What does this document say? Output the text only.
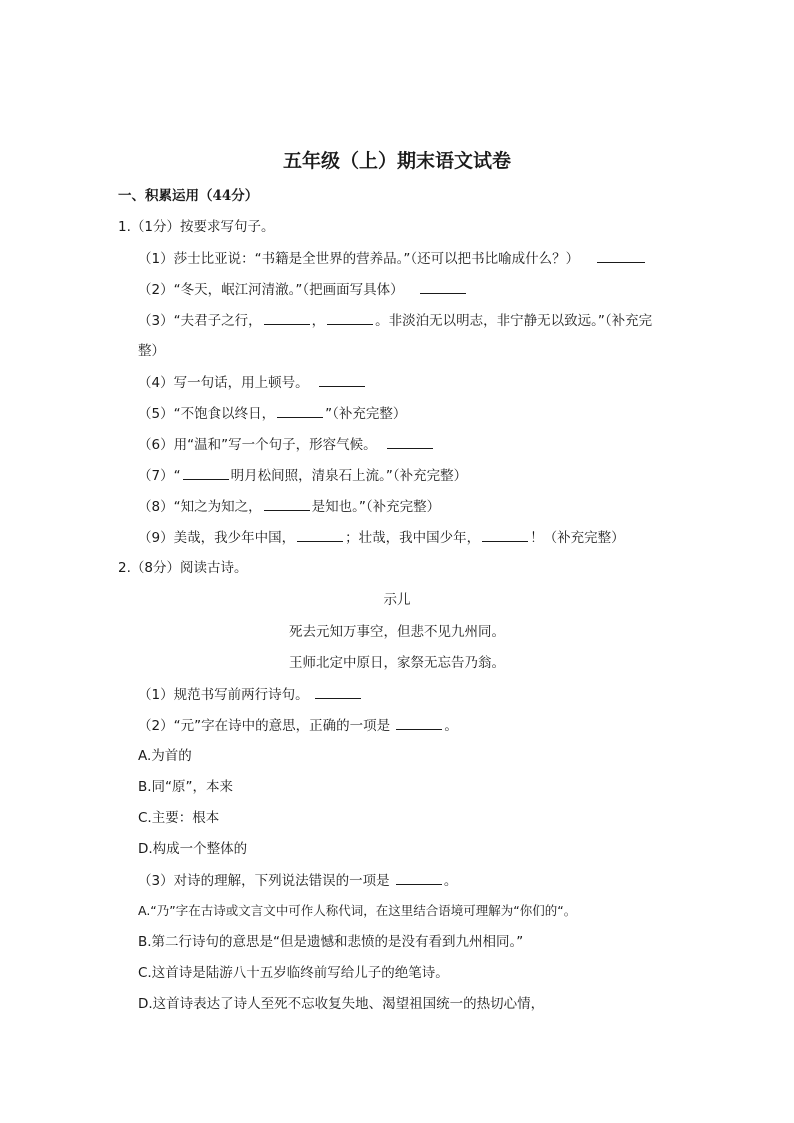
五年级（上）期末语文试卷
一、积累运用（44分）
1.（1分）按要求写句子。
（1）莎士比亚说：“书籍是全世界的营养品。”（还可以把书比喻成什么？）
（2）“冬天，岷江河清澈。”（把画面写具体）
（3）“夫君子之行，	，	。非淡泊无以明志，非宁静无以致远。”（补充完
整）
（4）写一句话，用上顿号。
（5）“不饱食以终日，	”（补充完整）
（6）用“温和”写一个句子，形容气候。
（7）“	明月松间照，清泉石上流。”（补充完整）
（8）“知之为知之，	是知也。”（补充完整）
（9）美哉，我少年中国，	；壮哉，我中国少年，	！（补充完整）
2.（8分）阅读古诗。
示儿
死去元知万事空，但悲不见九州同。
王师北定中原日，家祭无忘告乃翁。
（1）规范书写前两行诗句。
（2）“元”字在诗中的意思，正确的一项是	。
A.为首的
B.同“原”，本来
C.主要：根本
D.构成一个整体的
（3）对诗的理解，下列说法错误的一项是	。
A.“乃”字在古诗或文言文中可作人称代词，在这里结合语境可理解为“你们的“。
B.第二行诗句的意思是“但是遗憾和悲愤的是没有看到九州相同。”
C.这首诗是陆游八十五岁临终前写给儿子的绝笔诗。
D.这首诗表达了诗人至死不忘收复失地、渴望祖国统一的热切心情，
